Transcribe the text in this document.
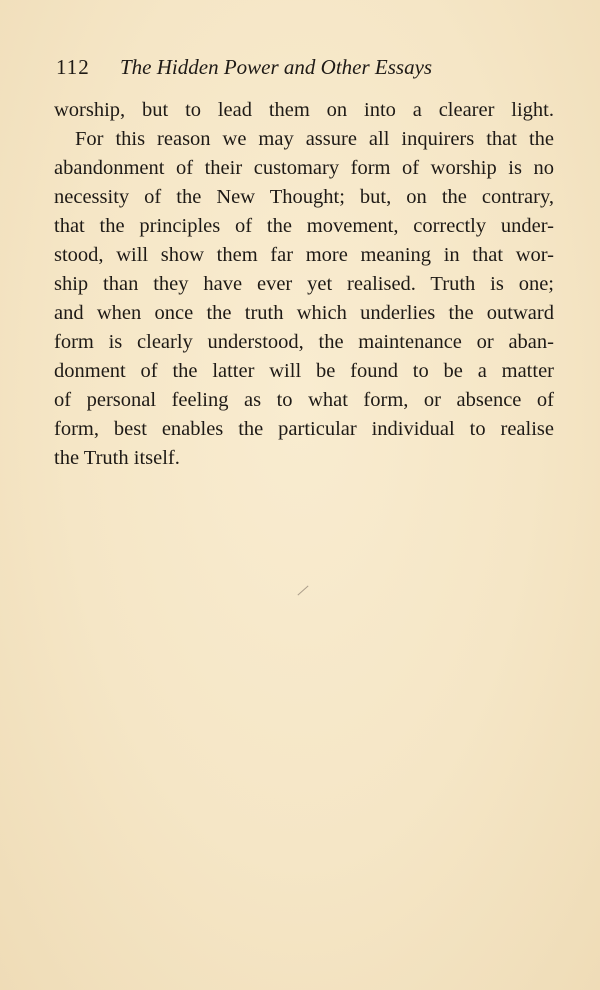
112 The Hidden Power and Other Essays
worship, but to lead them on into a clearer light.
For this reason we may assure all inquirers that the
abandonment of their customary form of worship is no
necessity of the New Thought; but, on the contrary,
that the principles of the movement, correctly under-
stood, will show them far more meaning in that wor-
ship than they have ever yet realised. Truth is one;
and when once the truth which underlies the outward
form is clearly understood, the maintenance or aban-
donment of the latter will be found to be a matter
of personal feeling as to what form, or absence of
form, best enables the particular individual to realise
the Truth itself.
